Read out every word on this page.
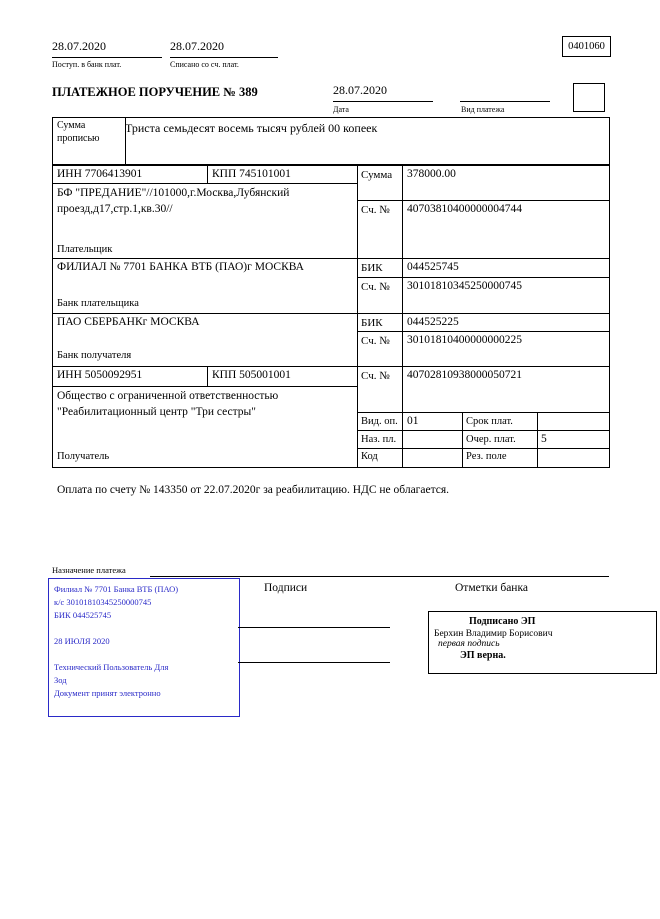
28.07.2020
Поступ. в банк плат.
28.07.2020
Списано со сч. плат.
0401060
ПЛАТЕЖНОЕ ПОРУЧЕНИЕ № 389	28.07.2020
Дата	Вид платежа
Сумма прописью
Триста семьдесят восемь тысяч рублей 00 копеек
ИНН 7706413901	КПП 745101001	Сумма 378000.00
БФ "ПРЕДАНИЕ"//101000,г.Москва,Лубянский проезд,д17,стр.1,кв.30//	Сч. № 40703810400000004744
Плательщик
ФИЛИАЛ № 7701 БАНКА ВТБ (ПАО)г МОСКВА	БИК 044525745
Сч. № 30101810345250000745
Банк плательщика
ПАО СБЕРБАНКг МОСКВА	БИК 044525225
Сч. № 30101810400000000225
Банк получателя
ИНН 5050092951	КПП 505001001	Сч. № 40702810938000050721
Общество с ограниченной ответственностью "Реабилитационный центр "Три сестры"
Вид. оп. 01	Срок плат.
Наз. пл.	Очер. плат. 5
Получатель	Код	Рез. поле
Оплата по счету № 143350 от 22.07.2020г за реабилитацию. НДС не облагается.
Назначение платежа
Подписи	Отметки банка
Филиал № 7701 Банка ВТБ (ПАО)
к/с 30101810345250000745
БИК 044525745
28 ИЮЛЯ 2020
Технический Пользователь Для
Зод
Документ принят электронно
Подписано ЭП
Берхин Владимир Борисович
первая подпись
ЭП верна.
